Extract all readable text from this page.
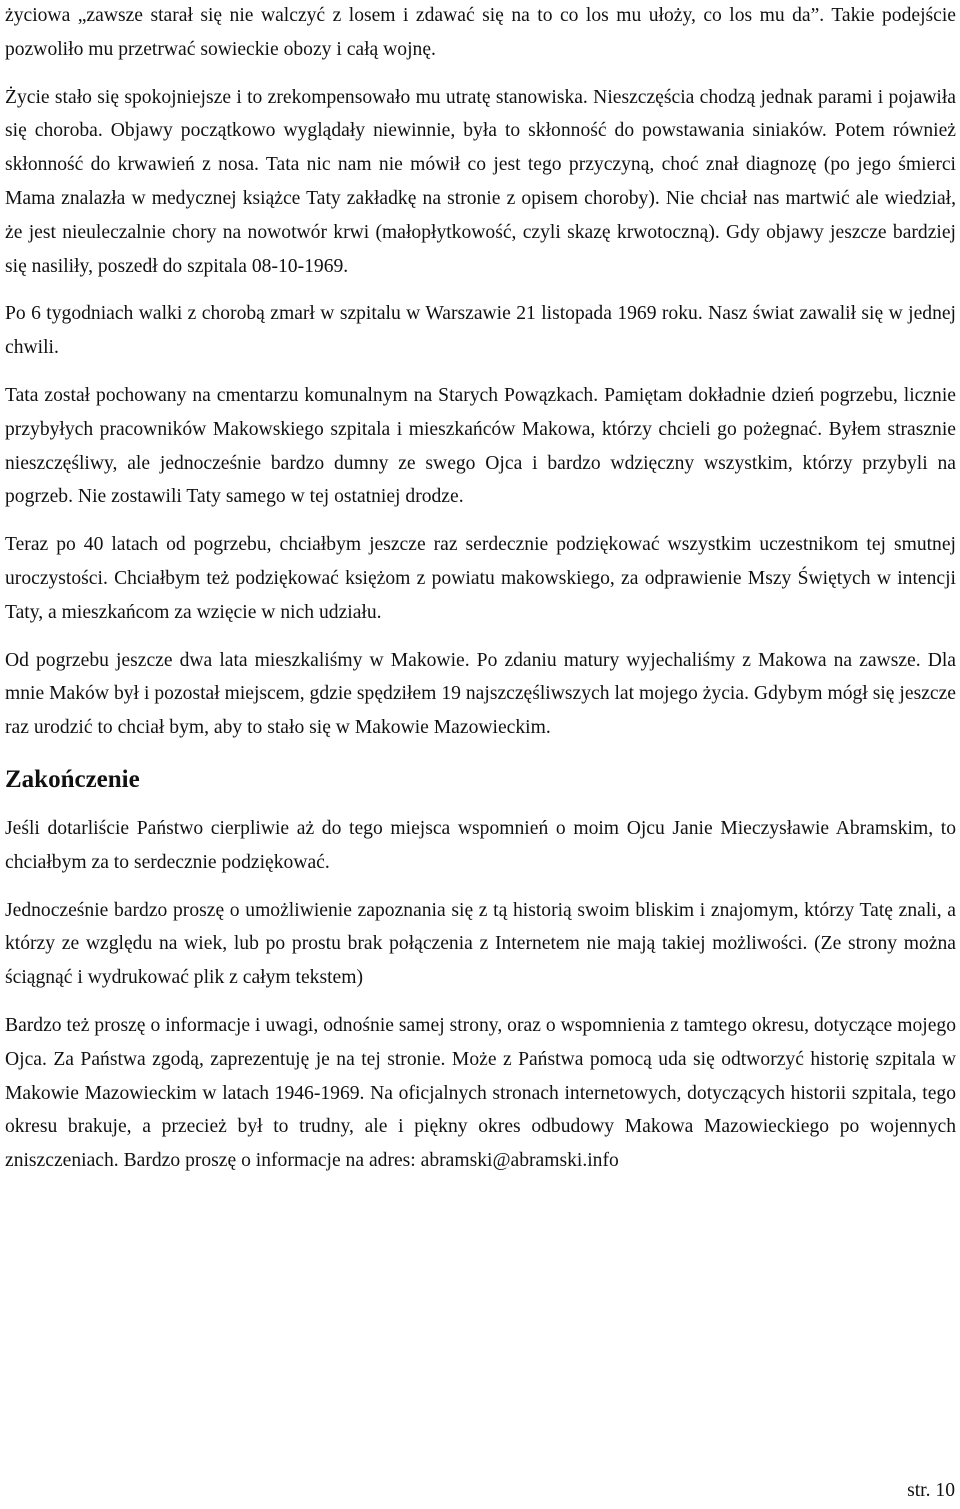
życiowa „zawsze starał się nie walczyć z losem i zdawać się na to co los mu ułoży, co los mu da”. Takie podejście pozwoliło mu przetrwać sowieckie obozy i całą wojnę.

Życie stało się spokojniejsze i to zrekompensowało mu utratę stanowiska. Nieszczęścia chodzą jednak parami i pojawiła się choroba. Objawy początkowo wyglądały niewinnie, była to skłonność do powstawania siniaków. Potem również skłonność do krwawień z nosa. Tata nic nam nie mówił co jest tego przyczyną, choć znał diagnozę (po jego śmierci Mama znalazła w medycznej książce Taty zakładkę na stronie z opisem choroby). Nie chciał nas martwić ale wiedział, że jest nieuleczalnie chory na nowotwór krwi (małopłytkowość, czyli skazę krwotoczną). Gdy objawy jeszcze bardziej się nasiliły, poszedł do szpitala 08-10-1969.

Po 6 tygodniach walki z chorobą zmarł w szpitalu w Warszawie 21 listopada 1969 roku. Nasz świat zawalił się w jednej chwili.

Tata został pochowany na cmentarzu komunalnym na Starych Powązkach. Pamiętam dokładnie dzień pogrzebu, licznie przybyłych pracowników Makowskiego szpitala i mieszkańców Makowa, którzy chcieli go pożegnać. Byłem strasznie nieszczęśliwy, ale jednocześnie bardzo dumny ze swego Ojca i bardzo wdzięczny wszystkim, którzy przybyli na pogrzeb. Nie zostawili Taty samego w tej ostatniej drodze.

Teraz po 40 latach od pogrzebu, chciałbym jeszcze raz serdecznie podziękować wszystkim uczestnikom tej smutnej uroczystości. Chciałbym też podziękować księżom z powiatu makowskiego, za odprawienie Mszy Świętych w intencji Taty, a mieszkańcom za wzięcie w nich udziału.

Od pogrzebu jeszcze dwa lata mieszkaliśmy w Makowie. Po zdaniu matury wyjechaliśmy z Makowa na zawsze. Dla mnie Maków był i pozostał miejscem, gdzie spędziłem 19 najszczęśliwszych lat mojego życia. Gdybym mógł się jeszcze raz urodzić to chciał bym, aby to stało się w Makowie Mazowieckim.

Zakończenie

Jeśli dotarliście Państwo cierpliwie aż do tego miejsca wspomnień o moim Ojcu Janie Mieczysławie Abramskim, to chciałbym za to serdecznie podziękować.

Jednocześnie bardzo proszę o umożliwienie zapoznania się z tą historią swoim bliskim i znajomym, którzy Tatę znali, a którzy ze względu na wiek, lub po prostu brak połączenia z Internetem nie mają takiej możliwości. (Ze strony można ściągnąć i wydrukować plik z całym tekstem)

Bardzo też proszę o informacje i uwagi, odnośnie samej strony, oraz o wspomnienia z tamtego okresu, dotyczące mojego Ojca. Za Państwa zgodą, zaprezentuję je na tej stronie. Może z Państwa pomocą uda się odtworzyć historię szpitala w Makowie Mazowieckim w latach 1946-1969. Na oficjalnych stronach internetowych, dotyczących historii szpitala, tego okresu brakuje, a przecież był to trudny, ale i piękny okres odbudowy Makowa Mazowieckiego po wojennych zniszczeniach. Bardzo proszę o informacje na adres: abramski@abramski.info

str. 10
